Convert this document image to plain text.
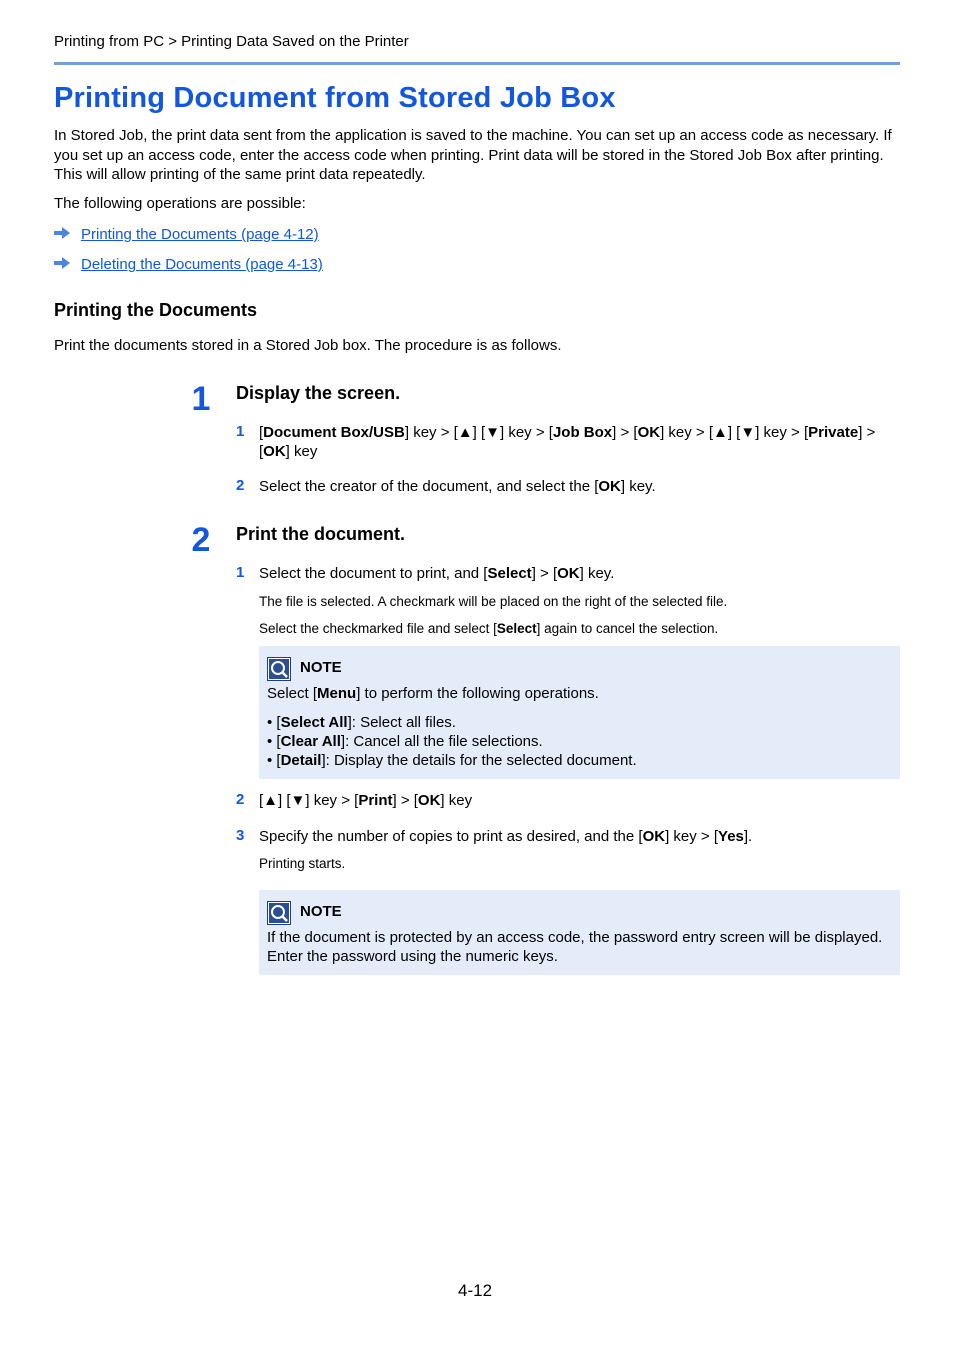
Printing from PC > Printing Data Saved on the Printer
Printing Document from Stored Job Box
In Stored Job, the print data sent from the application is saved to the machine. You can set up an access code as necessary. If you set up an access code, enter the access code when printing. Print data will be stored in the Stored Job Box after printing. This will allow printing of the same print data repeatedly.
The following operations are possible:
Printing the Documents (page 4-12)
Deleting the Documents (page 4-13)
Printing the Documents
Print the documents stored in a Stored Job box. The procedure is as follows.
1	Display the screen.
1 [Document Box/USB] key > [▲] [▼] key > [Job Box] > [OK] key > [▲] [▼] key > [Private] > [OK] key
2 Select the creator of the document, and select the [OK] key.
2	Print the document.
1 Select the document to print, and [Select] > [OK] key.
The file is selected. A checkmark will be placed on the right of the selected file.
Select the checkmarked file and select [Select] again to cancel the selection.
NOTE
Select [Menu] to perform the following operations.
• [Select All]: Select all files.
• [Clear All]: Cancel all the file selections.
• [Detail]: Display the details for the selected document.
2 [▲] [▼] key > [Print] > [OK] key
3 Specify the number of copies to print as desired, and the [OK] key > [Yes].
Printing starts.
NOTE
If the document is protected by an access code, the password entry screen will be displayed. Enter the password using the numeric keys.
4-12
